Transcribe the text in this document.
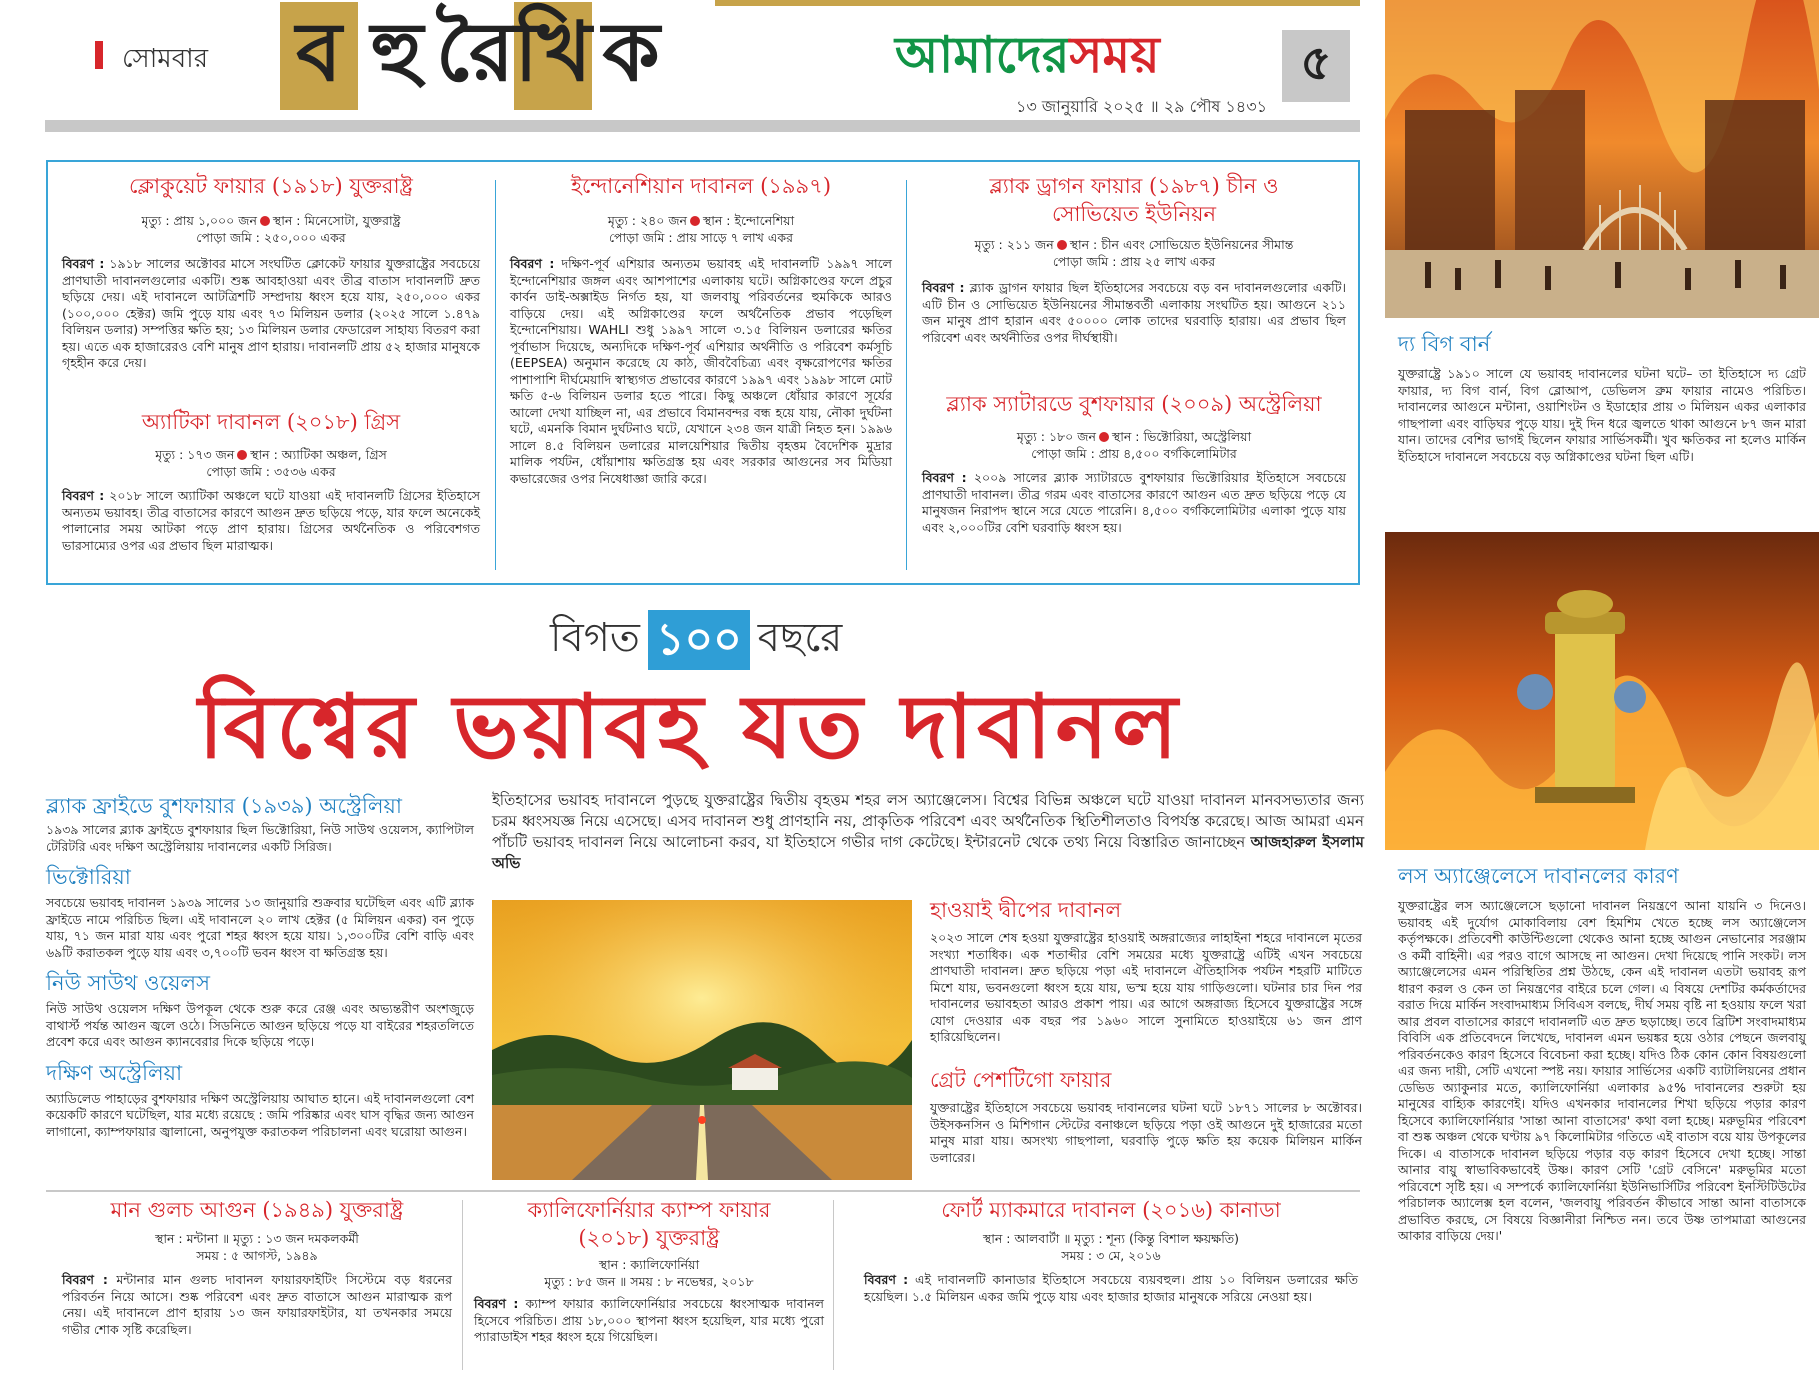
সোমবার ব হু রৈ খি ক	আমাদেরসময়	৫
১৩ জানুয়ারি ২০২৫ ॥ ২৯ পৌষ ১৪৩১
ক্লোকুয়েট ফায়ার (১৯১৮) যুক্তরাষ্ট্র
মৃত্যু : প্রায় ১,০০০ জন স্থান : মিনেসোটা, যুক্তরাষ্ট্র
পোড়া জমি : ২৫০,০০০ একর
বিবরণ : ১৯১৮ সালের অক্টোবর মাসে সংঘটিত ক্লোকেট ফায়ার যুক্তরাষ্ট্রের সবচেয়ে প্রাণঘাতী দাবানলগুলোর একটি। শুষ্ক আবহাওয়া এবং তীব্র বাতাস দাবানলটি দ্রুত ছড়িয়ে দেয়। এই দাবানলে আটত্রিশটি সম্প্রদায় ধ্বংস হয়ে যায়, ২৫০,০০০ একর (১০০,০০০ হেক্টর) জমি পুড়ে যায় এবং ৭৩ মিলিয়ন ডলার (২০২৫ সালে ১.৪৭৯ বিলিয়ন ডলার) সম্পত্তির ক্ষতি হয়; ১৩ মিলিয়ন ডলার ফেডারেল সাহায্য বিতরণ করা হয়। এতে এক হাজারেরও বেশি মানুষ প্রাণ হারায়। দাবানলটি প্রায় ৫২ হাজার মানুষকে গৃহহীন করে দেয়।
অ্যাটিকা দাবানল (২০১৮) গ্রিস
মৃত্যু : ১৭৩ জন স্থান : অ্যাটিকা অঞ্চল, গ্রিস
পোড়া জমি : ৩৫৩৬ একর
বিবরণ : ২০১৮ সালে অ্যাটিকা অঞ্চলে ঘটে যাওয়া এই দাবানলটি গ্রিসের ইতিহাসে অন্যতম ভয়াবহ। তীব্র বাতাসের কারণে আগুন দ্রুত ছড়িয়ে পড়ে, যার ফলে অনেকেই পালানোর সময় আটকা পড়ে প্রাণ হারায়। গ্রিসের অর্থনৈতিক ও পরিবেশগত ভারসাম্যের ওপর এর প্রভাব ছিল মারাত্মক।
ইন্দোনেশিয়ান দাবানল (১৯৯৭)
মৃত্যু : ২৪০ জন স্থান : ইন্দোনেশিয়া
পোড়া জমি : প্রায় সাড়ে ৭ লাখ একর
বিবরণ : দক্ষিণ-পূর্ব এশিয়ার অন্যতম ভয়াবহ এই দাবানলটি ১৯৯৭ সালে ইন্দোনেশিয়ার জঙ্গল এবং আশপাশের এলাকায় ঘটে। অগ্নিকাণ্ডের ফলে প্রচুর কার্বন ডাই-অক্সাইড নির্গত হয়, যা জলবায়ু পরিবর্তনের হুমকিকে আরও বাড়িয়ে দেয়। এই অগ্নিকাণ্ডের ফলে অর্থনৈতিক প্রভাব পড়েছিল ইন্দোনেশিয়ায়। WAHLI শুধু ১৯৯৭ সালে ৩.১৫ বিলিয়ন ডলারের ক্ষতির পূর্বাভাস দিয়েছে, অন্যদিকে দক্ষিণ-পূর্ব এশিয়ার অর্থনীতি ও পরিবেশ কর্মসূচি (EEPSEA) অনুমান করেছে যে কাঠ, জীববৈচিত্র্য এবং বৃক্ষরোপণের ক্ষতির পাশাপাশি দীর্ঘমেয়াদি স্বাস্থ্যগত প্রভাবের কারণে ১৯৯৭ এবং ১৯৯৮ সালে মোট ক্ষতি ৫-৬ বিলিয়ন ডলার হতে পারে। কিছু অঞ্চলে ধোঁয়ার কারণে সূর্যের আলো দেখা যাচ্ছিল না, এর প্রভাবে বিমানবন্দর বন্ধ হয়ে যায়, নৌকা দুর্ঘটনা ঘটে, এমনকি বিমান দুর্ঘটনাও ঘটে, যেখানে ২৩৪ জন যাত্রী নিহত হন। ১৯৯৬ সালে ৪.৫ বিলিয়ন ডলারের মালয়েশিয়ার দ্বিতীয় বৃহত্তম বৈদেশিক মুদ্রার মালিক পর্যটন, ধোঁয়াশায় ক্ষতিগ্রস্ত হয় এবং সরকার আগুনের সব মিডিয়া কভারেজের ওপর নিষেধাজ্ঞা জারি করে।
ব্ল্যাক ড্রাগন ফায়ার (১৯৮৭) চীন ও সোভিয়েত ইউনিয়ন
মৃত্যু : ২১১ জন স্থান : চীন এবং সোভিয়েত ইউনিয়নের সীমান্ত
পোড়া জমি : প্রায় ২৫ লাখ একর
বিবরণ : ব্ল্যাক ড্রাগন ফায়ার ছিল ইতিহাসের সবচেয়ে বড় বন দাবানলগুলোর একটি। এটি চীন ও সোভিয়েত ইউনিয়নের সীমান্তবর্তী এলাকায় সংঘটিত হয়। আগুনে ২১১ জন মানুষ প্রাণ হারান এবং ৫০০০০ লোক তাদের ঘরবাড়ি হারায়। এর প্রভাব ছিল পরিবেশ এবং অর্থনীতির ওপর দীর্ঘস্থায়ী।
ব্ল্যাক স্যাটারডে বুশফায়ার (২০০৯) অস্ট্রেলিয়া
মৃত্যু : ১৮০ জন স্থান : ভিক্টোরিয়া, অস্ট্রেলিয়া
পোড়া জমি : প্রায় ৪,৫০০ বর্গকিলোমিটার
বিবরণ : ২০০৯ সালের ব্ল্যাক স্যাটারডে বুশফায়ার ভিক্টোরিয়ার ইতিহাসে সবচেয়ে প্রাণঘাতী দাবানল। তীব্র গরম এবং বাতাসের কারণে আগুন এত দ্রুত ছড়িয়ে পড়ে যে মানুষজন নিরাপদ স্থানে সরে যেতে পারেনি। ৪,৫০০ বর্গকিলোমিটার এলাকা পুড়ে যায় এবং ২,০০০টির বেশি ঘরবাড়ি ধ্বংস হয়।
বিগত ১০০ বছরে
বিশ্বের ভয়াবহ যত দাবানল
ইতিহাসের ভয়াবহ দাবানলে পুড়ছে যুক্তরাষ্ট্রের দ্বিতীয় বৃহত্তম শহর লস অ্যাঞ্জেলেস। বিশ্বের বিভিন্ন অঞ্চলে ঘটে যাওয়া দাবানল মানবসভ্যতার জন্য চরম ধ্বংসযজ্ঞ নিয়ে এসেছে। এসব দাবানল শুধু প্রাণহানি নয়, প্রাকৃতিক পরিবেশ এবং অর্থনৈতিক স্থিতিশীলতাও বিপর্যস্ত করেছে। আজ আমরা এমন পাঁচটি ভয়াবহ দাবানল নিয়ে আলোচনা করব, যা ইতিহাসে গভীর দাগ কেটেছে। ইন্টারনেট থেকে তথ্য নিয়ে বিস্তারিত জানাচ্ছেন আজহারুল ইসলাম অভি
ব্ল্যাক ফ্রাইডে বুশফায়ার (১৯৩৯) অস্ট্রেলিয়া
১৯৩৯ সালের ব্ল্যাক ফ্রাইডে বুশফায়ার ছিল ভিক্টোরিয়া, নিউ সাউথ ওয়েলস, ক্যাপিটাল টেরিটরি এবং দক্ষিণ অস্ট্রেলিয়ায় দাবানলের একটি সিরিজ।
ভিক্টোরিয়া
সবচেয়ে ভয়াবহ দাবানল ১৯৩৯ সালের ১৩ জানুয়ারি শুক্রবার ঘটেছিল এবং এটি ব্ল্যাক ফ্রাইডে নামে পরিচিত ছিল। এই দাবানলে ২০ লাখ হেক্টর (৫ মিলিয়ন একর) বন পুড়ে যায়, ৭১ জন মারা যায় এবং পুরো শহর ধ্বংস হয়ে যায়। ১,৩০০টির বেশি বাড়ি এবং ৬৯টি করাতকল পুড়ে যায় এবং ৩,৭০০টি ভবন ধ্বংস বা ক্ষতিগ্রস্ত হয়।
নিউ সাউথ ওয়েলস
নিউ সাউথ ওয়েলস দক্ষিণ উপকূল থেকে শুরু করে রেঞ্জ এবং অভ্যন্তরীণ অংশজুড়ে বাথার্স্ট পর্যন্ত আগুন জ্বলে ওঠে। সিডনিতে আগুন ছড়িয়ে পড়ে যা বাইরের শহরতলিতে প্রবেশ করে এবং আগুন ক্যানবেরার দিকে ছড়িয়ে পড়ে।
দক্ষিণ অস্ট্রেলিয়া
অ্যাডিলেড পাহাড়ের বুশফায়ার দক্ষিণ অস্ট্রেলিয়ায় আঘাত হানে। এই দাবানলগুলো বেশ কয়েকটি কারণে ঘটেছিল, যার মধ্যে রয়েছে : জমি পরিষ্কার এবং ঘাস বৃদ্ধির জন্য আগুন লাগানো, ক্যাম্পফায়ার জ্বালানো, অনুপযুক্ত করাতকল পরিচালনা এবং ঘরোয়া আগুন।
হাওয়াই দ্বীপের দাবানল
২০২৩ সালে শেষ হওয়া যুক্তরাষ্ট্রের হাওয়াই অঙ্গরাজ্যের লাহাইনা শহরে দাবানলে মৃতের সংখ্যা শতাধিক। এক শতাব্দীর বেশি সময়ের মধ্যে যুক্তরাষ্ট্রে এটিই এখন সবচেয়ে প্রাণঘাতী দাবানল। দ্রুত ছড়িয়ে পড়া এই দাবানলে ঐতিহাসিক পর্যটন শহরটি মাটিতে মিশে যায়, ভবনগুলো ধ্বংস হয়ে যায়, ভস্ম হয়ে যায় গাড়িগুলো। ঘটনার চার দিন পর দাবানলের ভয়াবহতা আরও প্রকাশ পায়। এর আগে অঙ্গরাজ্য হিসেবে যুক্তরাষ্ট্রের সঙ্গে যোগ দেওয়ার এক বছর পর ১৯৬০ সালে সুনামিতে হাওয়াইয়ে ৬১ জন প্রাণ হারিয়েছিলেন।
গ্রেট পেশটিগো ফায়ার
যুক্তরাষ্ট্রের ইতিহাসে সবচেয়ে ভয়াবহ দাবানলের ঘটনা ঘটে ১৮৭১ সালের ৮ অক্টোবর। উইসকনসিন ও মিশিগান স্টেটের বনাঞ্চলে ছড়িয়ে পড়া ওই আগুনে দুই হাজারের মতো মানুষ মারা যায়। অসংখ্য গাছপালা, ঘরবাড়ি পুড়ে ক্ষতি হয় কয়েক মিলিয়ন মার্কিন ডলারের।
মান গুলচ আগুন (১৯৪৯) যুক্তরাষ্ট্র
স্থান : মন্টানা ॥ মৃত্যু : ১৩ জন দমকলকর্মী
সময় : ৫ আগস্ট, ১৯৪৯
বিবরণ : মন্টানার মান গুলচ দাবানল ফায়ারফাইটিং সিস্টেমে বড় ধরনের পরিবর্তন নিয়ে আসে। শুষ্ক পরিবেশ এবং দ্রুত বাতাসে আগুন মারাত্মক রূপ নেয়। এই দাবানলে প্রাণ হারায় ১৩ জন ফায়ারফাইটার, যা তখনকার সময়ে গভীর শোক সৃষ্টি করেছিল।
ক্যালিফোর্নিয়ার ক্যাম্প ফায়ার (২০১৮) যুক্তরাষ্ট্র
স্থান : ক্যালিফোর্নিয়া
মৃত্যু : ৮৫ জন ॥ সময় : ৮ নভেম্বর, ২০১৮
বিবরণ : ক্যাম্প ফায়ার ক্যালিফোর্নিয়ার সবচেয়ে ধ্বংসাত্মক দাবানল হিসেবে পরিচিত। প্রায় ১৮,০০০ স্থাপনা ধ্বংস হয়েছিল, যার মধ্যে পুরো প্যারাডাইস শহর ধ্বংস হয়ে গিয়েছিল।
ফোর্ট ম্যাকমারে দাবানল (২০১৬) কানাডা
স্থান : আলবার্টা ॥ মৃত্যু : শূন্য (কিন্তু বিশাল ক্ষয়ক্ষতি)
সময় : ৩ মে, ২০১৬
বিবরণ : এই দাবানলটি কানাডার ইতিহাসে সবচেয়ে ব্যয়বহুল। প্রায় ১০ বিলিয়ন ডলারের ক্ষতি হয়েছিল। ১.৫ মিলিয়ন একর জমি পুড়ে যায় এবং হাজার হাজার মানুষকে সরিয়ে নেওয়া হয়।
দ্য বিগ বার্ন
যুক্তরাষ্ট্রে ১৯১০ সালে যে ভয়াবহ দাবানলের ঘটনা ঘটে– তা ইতিহাসে দ্য গ্রেট ফায়ার, দ্য বিগ বার্ন, বিগ ব্লোআপ, ডেভিলস ব্রুম ফায়ার নামেও পরিচিত। দাবানলের আগুনে মন্টানা, ওয়াশিংটন ও ইডাহোর প্রায় ৩ মিলিয়ন একর এলাকার গাছপালা এবং বাড়িঘর পুড়ে যায়। দুই দিন ধরে জ্বলতে থাকা আগুনে ৮৭ জন মারা যান। তাদের বেশির ভাগই ছিলেন ফায়ার সার্ভিসকর্মী। খুব ক্ষতিকর না হলেও মার্কিন ইতিহাসে দাবানলে সবচেয়ে বড় অগ্নিকাণ্ডের ঘটনা ছিল এটি।
লস অ্যাঞ্জেলেসে দাবানলের কারণ
যুক্তরাষ্ট্রের লস অ্যাঞ্জেলেসে ছড়ানো দাবানল নিয়ন্ত্রণে আনা যায়নি ৩ দিনেও। ভয়াবহ এই দুর্যোগ মোকাবিলায় বেশ হিমশিম খেতে হচ্ছে লস অ্যাঞ্জেলেস কর্তৃপক্ষকে। প্রতিবেশী কাউন্টিগুলো থেকেও আনা হচ্ছে আগুন নেভানোর সরঞ্জাম ও কর্মী বাহিনী। এর পরও বাগে আসছে না আগুন। দেখা দিয়েছে পানি সংকট। লস অ্যাঞ্জেলেসের এমন পরিস্থিতির প্রশ্ন উঠছে, কেন এই দাবানল এতটা ভয়াবহ রূপ ধারণ করল ও কেন তা নিয়ন্ত্রণের বাইরে চলে গেল। এ বিষয়ে দেশটির কর্মকর্তাদের বরাত দিয়ে মার্কিন সংবাদমাধ্যম সিবিএস বলছে, দীর্ঘ সময় বৃষ্টি না হওয়ায় ফলে খরা আর প্রবল বাতাসের কারণে দাবানলটি এত দ্রুত ছড়াচ্ছে। তবে ব্রিটিশ সংবাদমাধ্যম বিবিসি এক প্রতিবেদনে লিখেছে, দাবানল এমন ভয়ঙ্কর হয়ে ওঠার পেছনে জলবায়ু পরিবর্তনকেও কারণ হিসেবে বিবেচনা করা হচ্ছে। যদিও ঠিক কোন কোন বিষয়গুলো এর জন্য দায়ী, সেটি এখনো স্পষ্ট নয়। ফায়ার সার্ভিসের একটি ব্যাটালিয়নের প্রধান ডেভিড অ্যাকুনার মতে, ক্যালিফোর্নিয়া এলাকার ৯৫% দাবানলের শুরুটা হয় মানুষের বাহ্যিক কারণেই। যদিও এখনকার দাবানলের শিখা ছড়িয়ে পড়ার কারণ হিসেবে ক্যালিফোর্নিয়ার 'সান্তা আনা বাতাসের' কথা বলা হচ্ছে। মরুভূমির পরিবেশ বা শুষ্ক অঞ্চল থেকে ঘণ্টায় ৯৭ কিলোমিটার গতিতে এই বাতাস বয়ে যায় উপকূলের দিকে। এ বাতাসকে দাবানল ছড়িয়ে পড়ার বড় কারণ হিসেবে দেখা হচ্ছে। সান্তা আনার বায়ু স্বাভাবিকভাবেই উষ্ণ। কারণ সেটি 'গ্রেট বেসিনে' মরুভূমির মতো পরিবেশে সৃষ্টি হয়। এ সম্পর্কে ক্যালিফোর্নিয়া ইউনিভার্সিটির পরিবেশ ইনস্টিটিউটের পরিচালক অ্যালেক্স হল বলেন, 'জলবায়ু পরিবর্তন কীভাবে সান্তা আনা বাতাসকে প্রভাবিত করছে, সে বিষয়ে বিজ্ঞানীরা নিশ্চিত নন। তবে উষ্ণ তাপমাত্রা আগুনের আকার বাড়িয়ে দেয়।'
